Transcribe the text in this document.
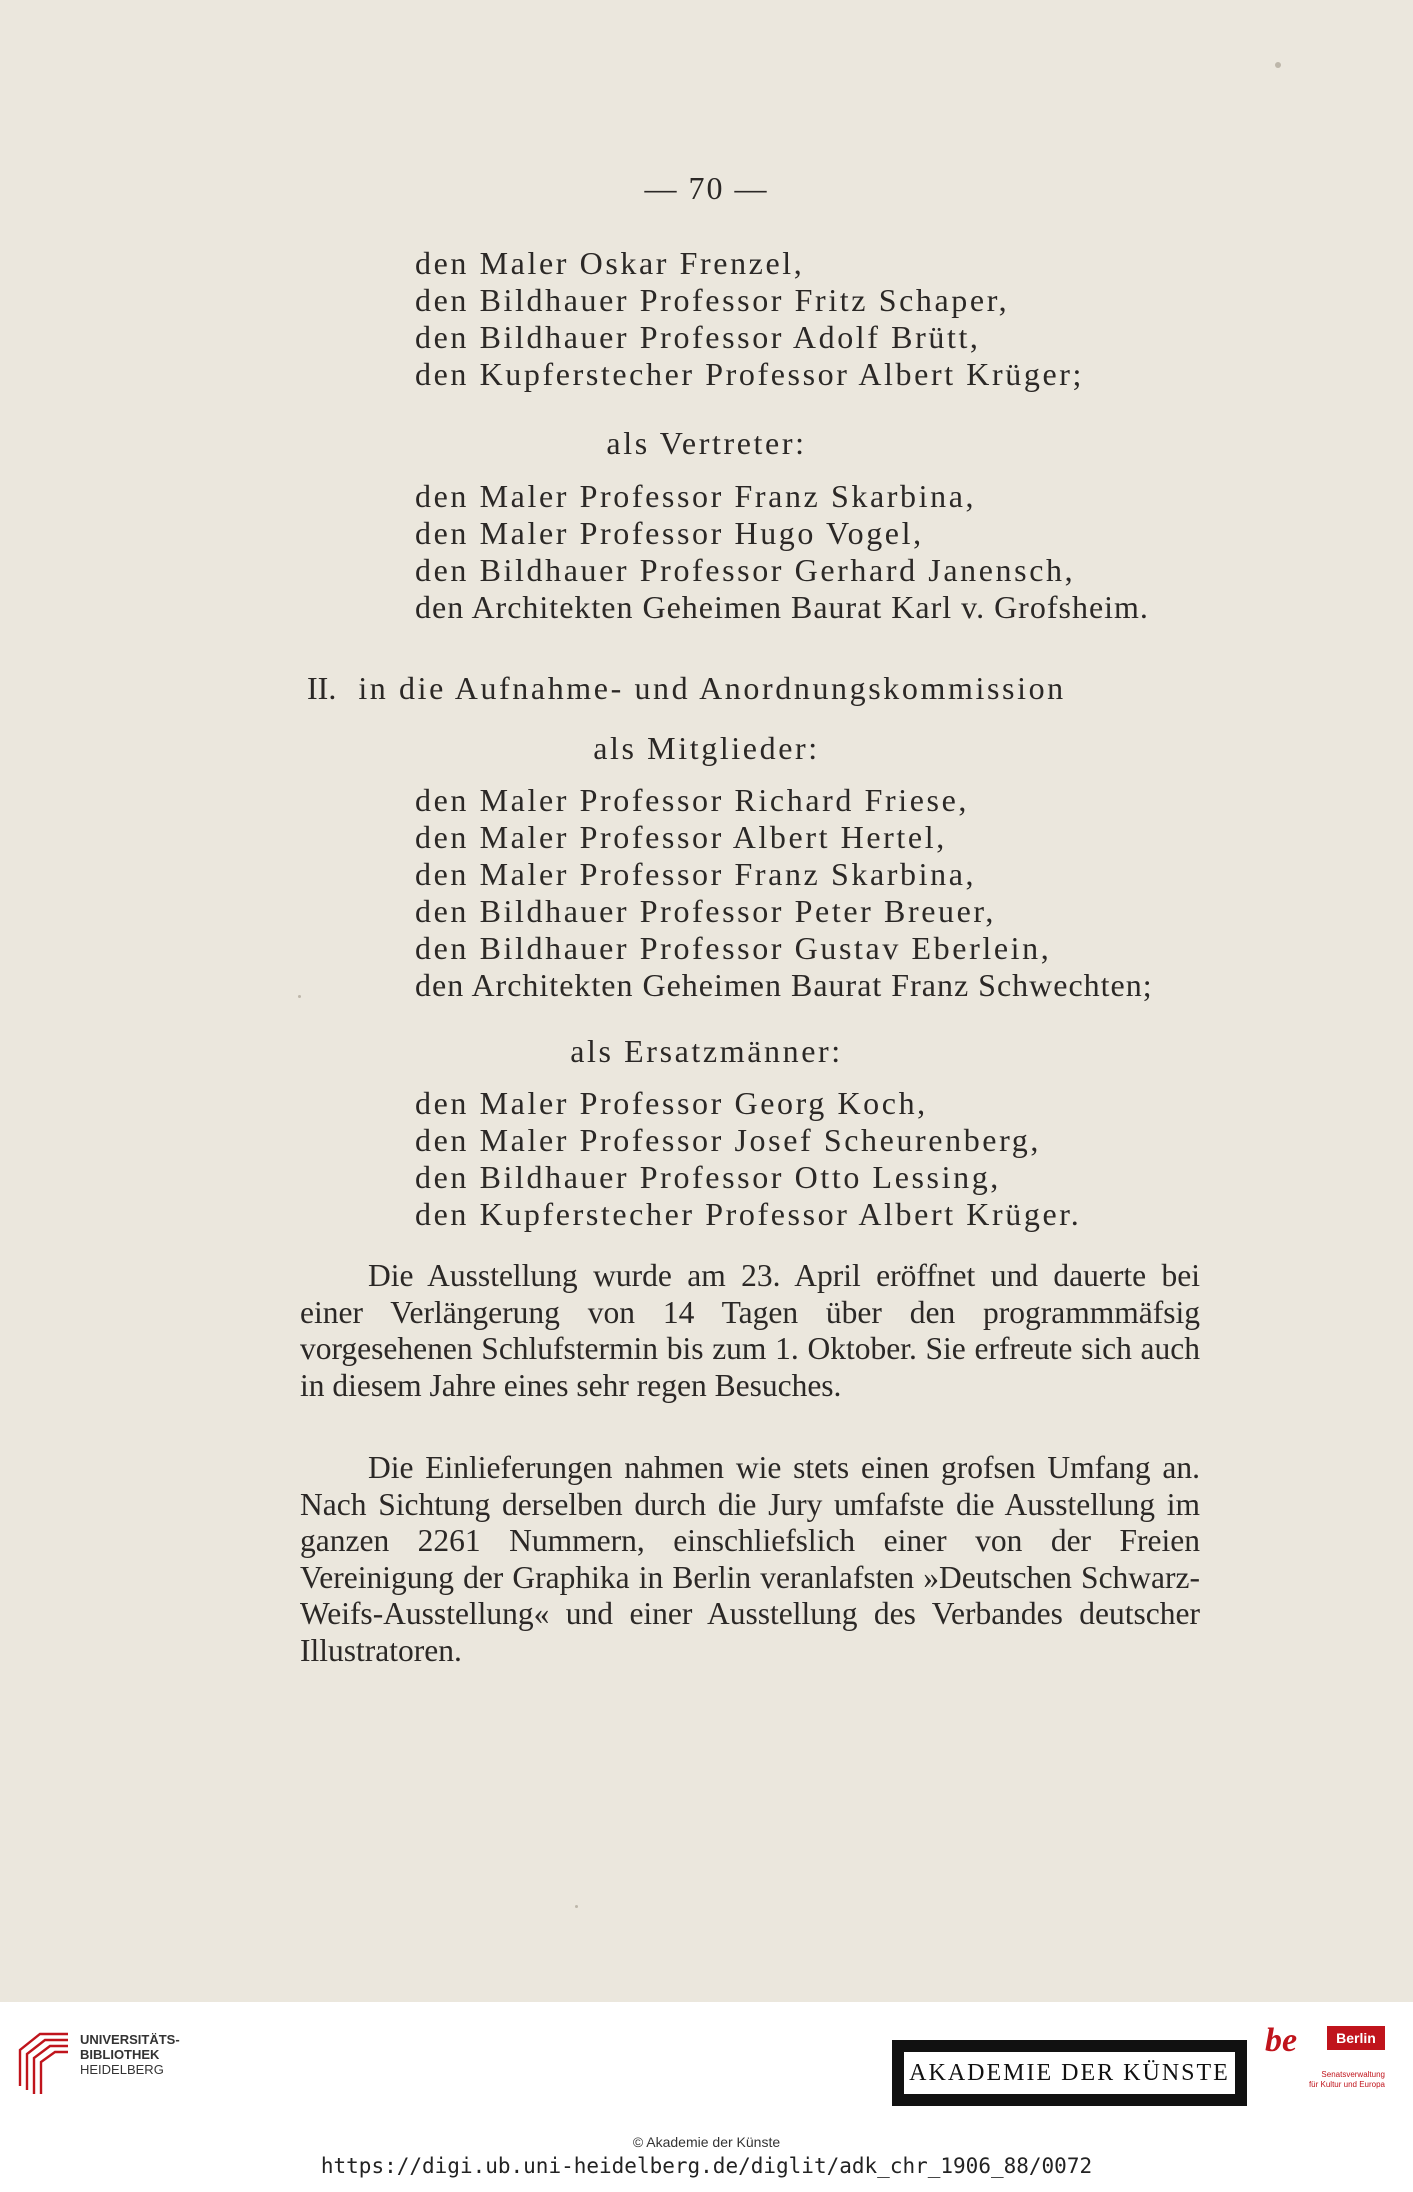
— 70 —
den Maler Oskar Frenzel,
den Bildhauer Professor Fritz Schaper,
den Bildhauer Professor Adolf Brütt,
den Kupferstecher Professor Albert Krüger;
als Vertreter:
den Maler Professor Franz Skarbina,
den Maler Professor Hugo Vogel,
den Bildhauer Professor Gerhard Janensch,
den Architekten Geheimen Baurat Karl v. Grofsheim.
II. in die Aufnahme- und Anordnungskommission
als Mitglieder:
den Maler Professor Richard Friese,
den Maler Professor Albert Hertel,
den Maler Professor Franz Skarbina,
den Bildhauer Professor Peter Breuer,
den Bildhauer Professor Gustav Eberlein,
den Architekten Geheimen Baurat Franz Schwechten;
als Ersatzmänner:
den Maler Professor Georg Koch,
den Maler Professor Josef Scheurenberg,
den Bildhauer Professor Otto Lessing,
den Kupferstecher Professor Albert Krüger.

Die Ausstellung wurde am 23. April eröffnet und dauerte bei einer Verlängerung von 14 Tagen über den programmmäfsig vorgesehenen Schlufstermin bis zum 1. Oktober. Sie erfreute sich auch in diesem Jahre eines sehr regen Besuches.

Die Einlieferungen nahmen wie stets einen grofsen Umfang an. Nach Sichtung derselben durch die Jury umfafste die Ausstellung im ganzen 2261 Nummern, einschliefslich einer von der Freien Vereinigung der Graphika in Berlin veranlafsten »Deutschen Schwarz-Weifs-Ausstellung« und einer Ausstellung des Verbandes deutscher Illustratoren.

UNIVERSITÄTS-
BIBLIOTHEK
HEIDELBERG	AKADEMIE DER KÜNSTE
be	Berlin
Senatsverwaltung
für Kultur und Europa
© Akademie der Künste
https://digi.ub.uni-heidelberg.de/diglit/adk_chr_1906_88/0072
